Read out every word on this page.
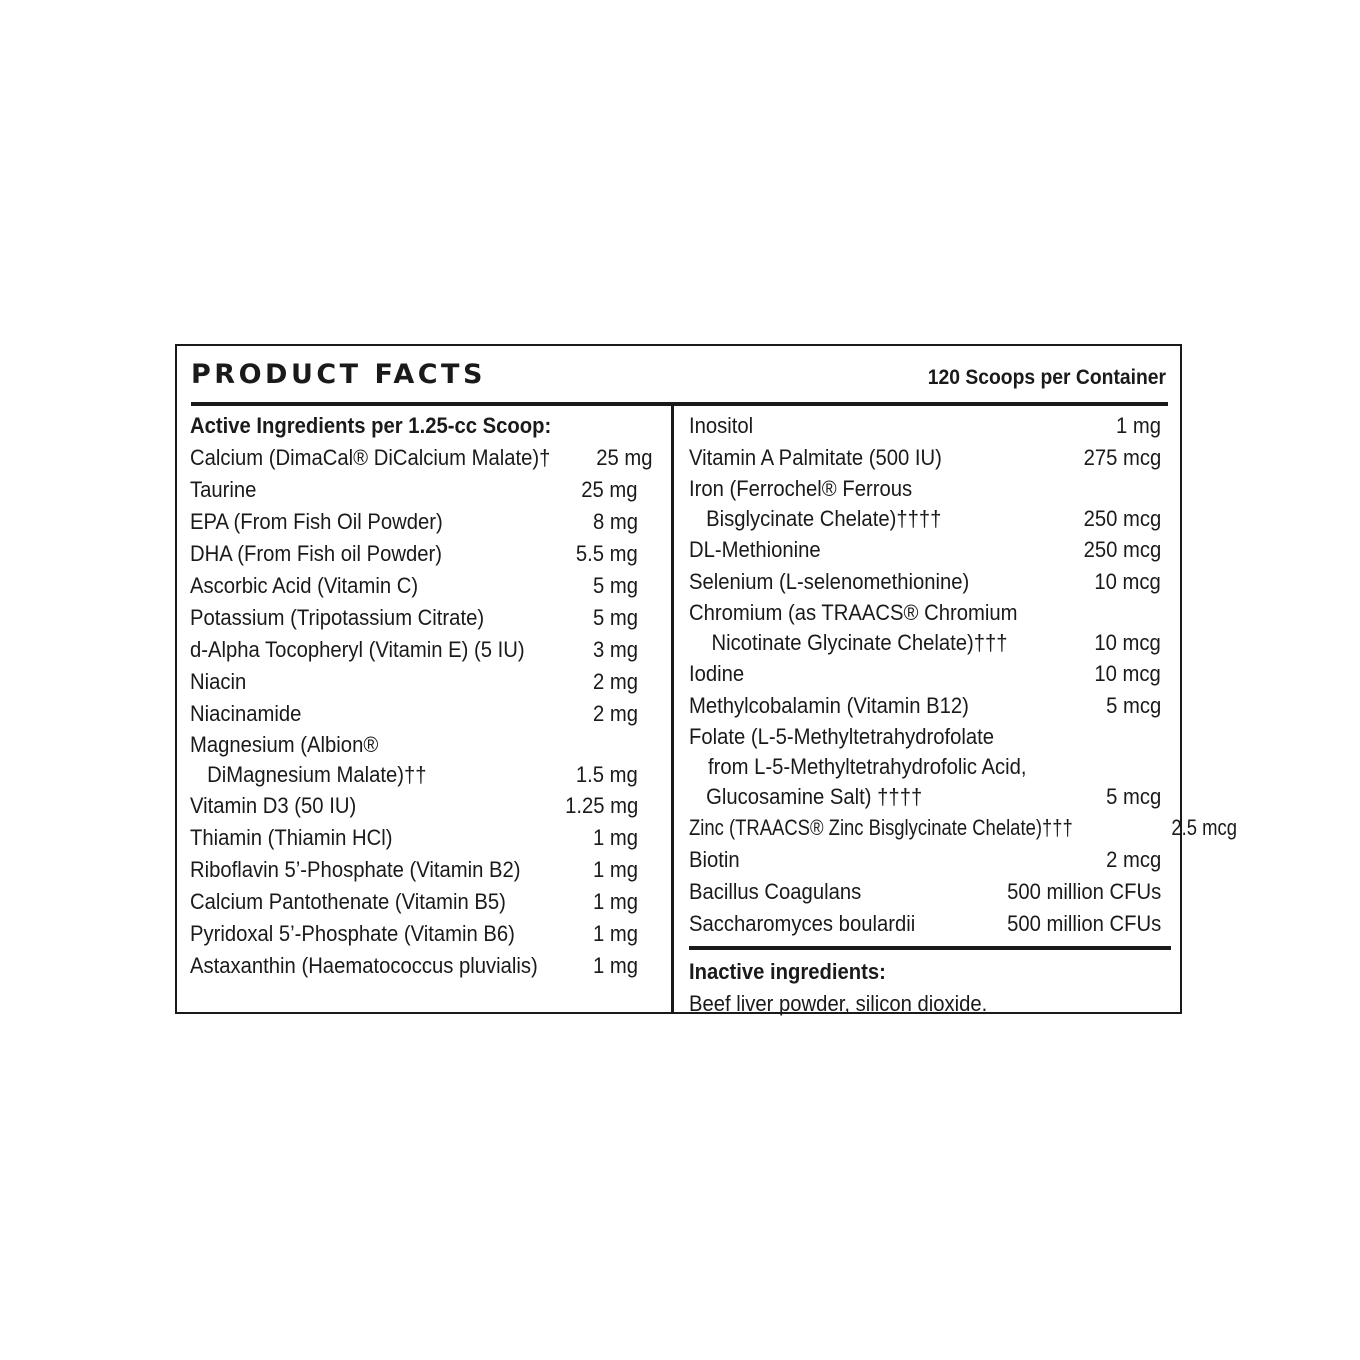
PRODUCT FACTS	120 Scoops per Container
Active Ingredients per 1.25-cc Scoop:
Calcium (DimaCal® DiCalcium Malate)† 25 mg
Taurine	25 mg
EPA (From Fish Oil Powder)	8 mg
DHA (From Fish oil Powder)	5.5 mg
Ascorbic Acid (Vitamin C)	5 mg
Potassium (Tripotassium Citrate)	5 mg
d-Alpha Tocopheryl (Vitamin E) (5 IU)	3 mg
Niacin	2 mg
Niacinamide	2 mg
Magnesium (Albion®
DiMagnesium Malate)††	1.5 mg
Vitamin D3 (50 IU)	1.25 mg
Thiamin (Thiamin HCl)	1 mg
Riboflavin 5’-Phosphate (Vitamin B2)	1 mg
Calcium Pantothenate (Vitamin B5)	1 mg
Pyridoxal 5’-Phosphate (Vitamin B6)	1 mg
Astaxanthin (Haematococcus pluvialis) 1 mg
Inositol	1 mg
Vitamin A Palmitate (500 IU)	275 mcg
Iron (Ferrochel® Ferrous
Bisglycinate Chelate)††††	250 mcg
DL-Methionine	250 mcg
Selenium (L-selenomethionine)	10 mcg
Chromium (as TRAACS® Chromium
Nicotinate Glycinate Chelate)†††	10 mcg
Iodine	10 mcg
Methylcobalamin (Vitamin B12)	5 mcg
Folate (L-5-Methyltetrahydrofolate
from L-5-Methyltetrahydrofolic Acid,
Glucosamine Salt) ††††	5 mcg
Zinc (TRAACS® Zinc Bisglycinate Chelate)†††	2.5 mcg
Biotin	2 mcg
Bacillus Coagulans	500 million CFUs
Saccharomyces boulardii	500 million CFUs
Inactive ingredients:
Beef liver powder, silicon dioxide.
